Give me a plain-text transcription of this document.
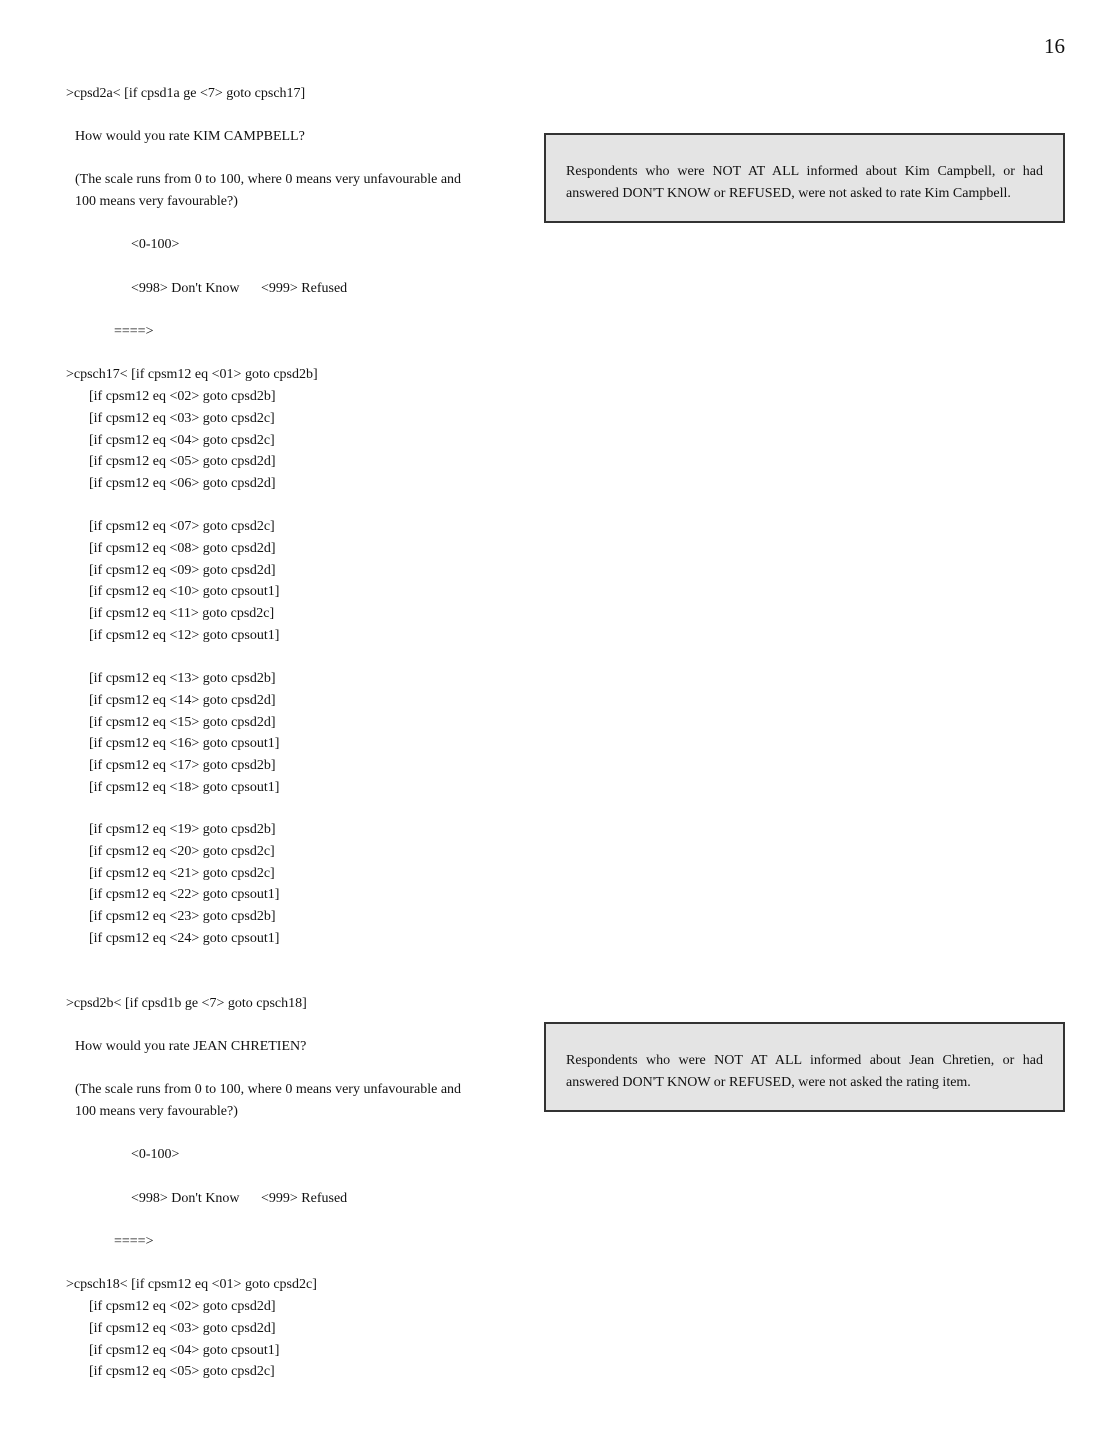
16
>cpsd2a< [if cpsd1a ge <7> goto cpsch17]
How would you rate KIM CAMPBELL?
(The scale runs from 0 to 100, where 0 means very unfavourable and
100 means very favourable?)
<0-100>
<998> Don't Know <999> Refused
====>
Respondents who were NOT AT ALL informed about Kim Campbell, or had answered DON'T KNOW or REFUSED, were not asked to rate Kim Campbell.
>cpsch17< [if cpsm12 eq <01> goto cpsd2b]
[if cpsm12 eq <02> goto cpsd2b]
[if cpsm12 eq <03> goto cpsd2c]
[if cpsm12 eq <04> goto cpsd2c]
[if cpsm12 eq <05> goto cpsd2d]
[if cpsm12 eq <06> goto cpsd2d]
[if cpsm12 eq <07> goto cpsd2c]
[if cpsm12 eq <08> goto cpsd2d]
[if cpsm12 eq <09> goto cpsd2d]
[if cpsm12 eq <10> goto cpsout1]
[if cpsm12 eq <11> goto cpsd2c]
[if cpsm12 eq <12> goto cpsout1]
[if cpsm12 eq <13> goto cpsd2b]
[if cpsm12 eq <14> goto cpsd2d]
[if cpsm12 eq <15> goto cpsd2d]
[if cpsm12 eq <16> goto cpsout1]
[if cpsm12 eq <17> goto cpsd2b]
[if cpsm12 eq <18> goto cpsout1]
[if cpsm12 eq <19> goto cpsd2b]
[if cpsm12 eq <20> goto cpsd2c]
[if cpsm12 eq <21> goto cpsd2c]
[if cpsm12 eq <22> goto cpsout1]
[if cpsm12 eq <23> goto cpsd2b]
[if cpsm12 eq <24> goto cpsout1]
>cpsd2b< [if cpsd1b ge <7> goto cpsch18]
How would you rate JEAN CHRETIEN?
(The scale runs from 0 to 100, where 0 means very unfavourable and
100 means very favourable?)
<0-100>
<998> Don't Know <999> Refused
====>
Respondents who were NOT AT ALL informed about Jean Chretien, or had answered DON'T KNOW or REFUSED, were not asked the rating item.
>cpsch18< [if cpsm12 eq <01> goto cpsd2c]
[if cpsm12 eq <02> goto cpsd2d]
[if cpsm12 eq <03> goto cpsd2d]
[if cpsm12 eq <04> goto cpsout1]
[if cpsm12 eq <05> goto cpsd2c]
